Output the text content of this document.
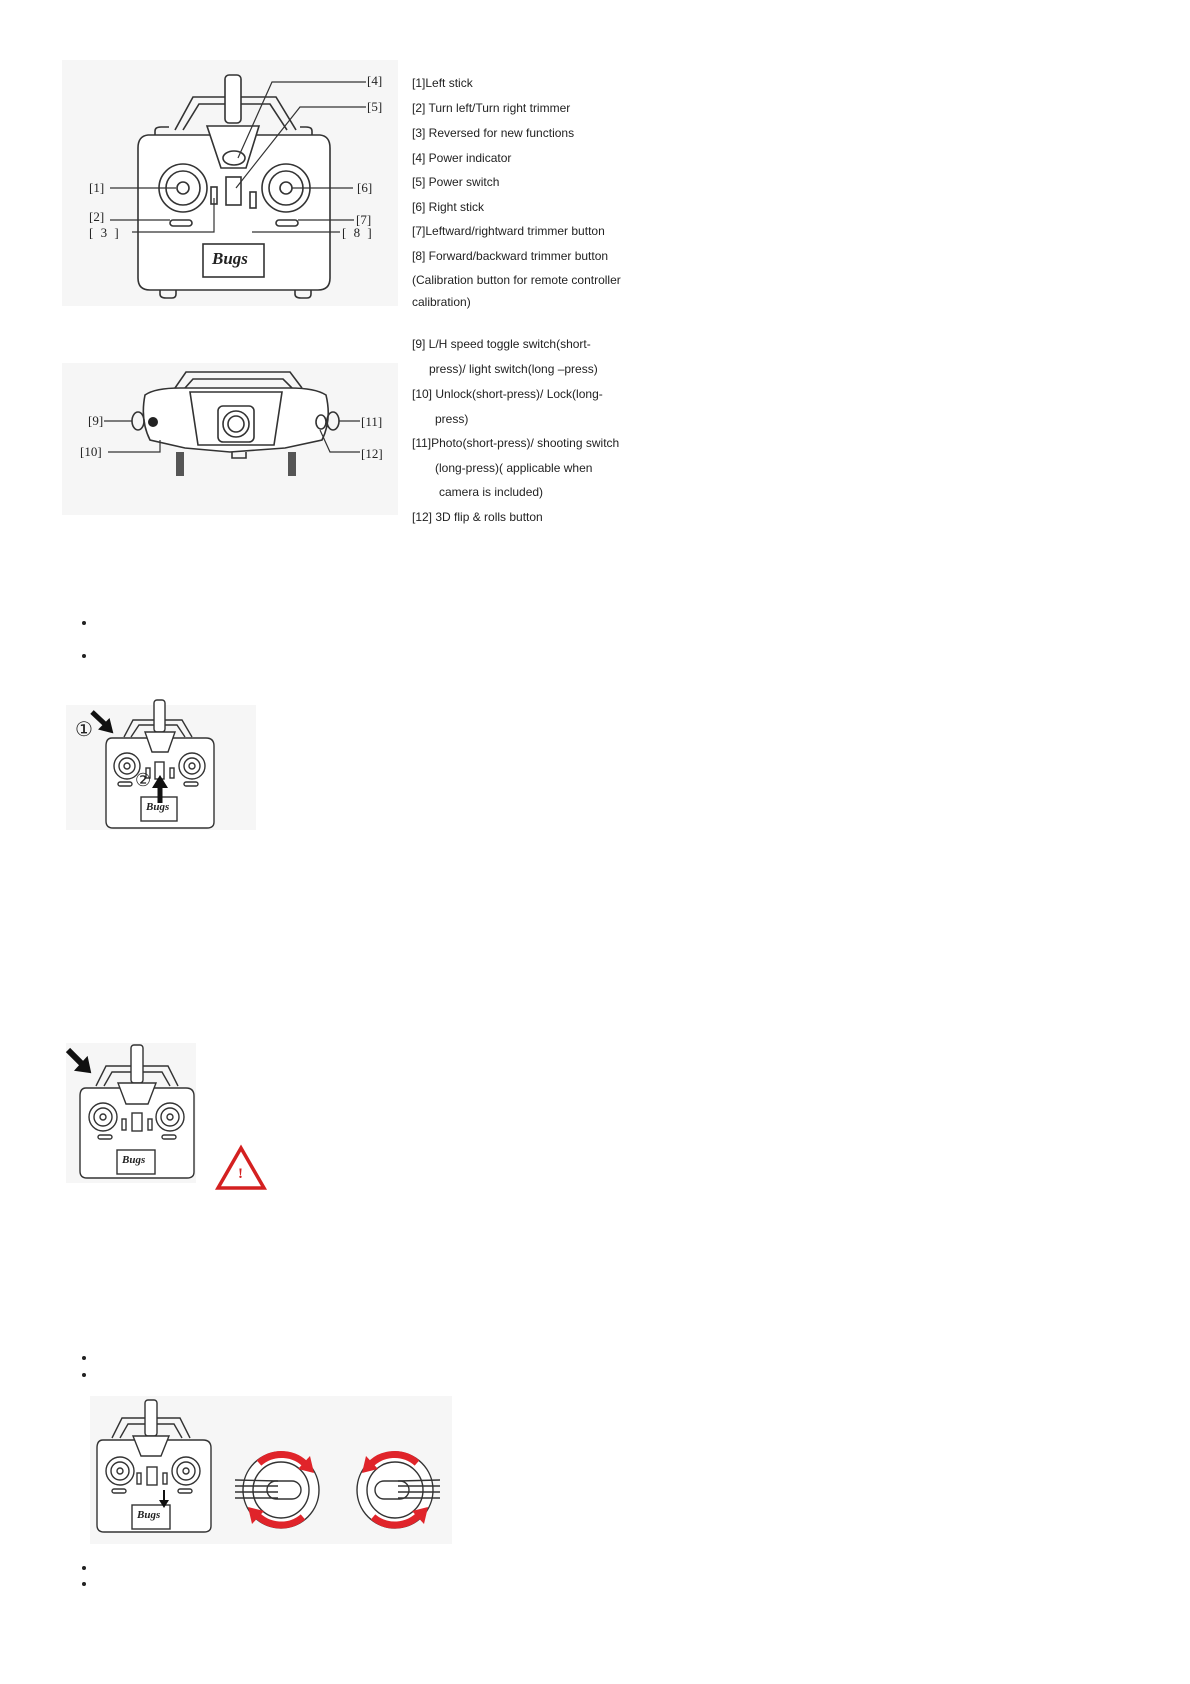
[4]
[5]
[1]	[6]
[2]	[7]
[ 3 ]	[ 8 ]
Bugs
[1]Left stick
[2] Turn left/Turn right trimmer
[3] Reversed for new functions
[4] Power indicator
[5] Power switch
[6] Right stick
[7]Leftward/rightward trimmer button
[8] Forward/backward trimmer button
(Calibration button for remote controller
calibration)
[9]
[10]
[11]
[12]
[9] L/H speed toggle switch(short-
press)/ light switch(long –press)
[10] Unlock(short-press)/ Lock(long-
press)
[11]Photo(short-press)/ shooting switch
(long-press)( applicable when
camera is included)
[12] 3D flip & rolls button
①
②
Bugs
Bugs
!
Bugs
